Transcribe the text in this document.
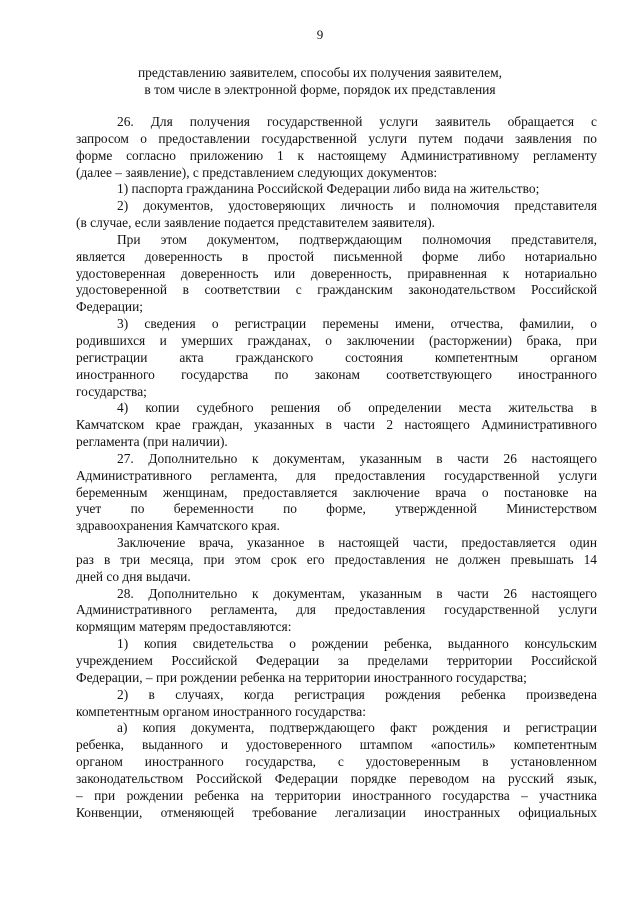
9
представлению заявителем, способы их получения заявителем,
в том числе в электронной форме, порядок их представления
26. Для получения государственной услуги заявитель обращается с
запросом о предоставлении государственной услуги путем подачи заявления по
форме согласно приложению 1 к настоящему Административному регламенту
(далее – заявление), с представлением следующих документов:
1) паспорта гражданина Российской Федерации либо вида на жительство;
2) документов, удостоверяющих личность и полномочия представителя
(в случае, если заявление подается представителем заявителя).
При этом документом, подтверждающим полномочия представителя,
является доверенность в простой письменной форме либо нотариально
удостоверенная доверенность или доверенность, приравненная к нотариально
удостоверенной в соответствии с гражданским законодательством Российской
Федерации;
3) сведения о регистрации перемены имени, отчества, фамилии, о
родившихся и умерших гражданах, о заключении (расторжении) брака, при
регистрации акта гражданского состояния компетентным органом
иностранного государства по законам соответствующего иностранного
государства;
4) копии судебного решения об определении места жительства в
Камчатском крае граждан, указанных в части 2 настоящего Административного
регламента (при наличии).
27. Дополнительно к документам, указанным в части 26 настоящего
Административного регламента, для предоставления государственной услуги
беременным женщинам, предоставляется заключение врача о постановке на
учет по беременности по форме, утвержденной Министерством
здравоохранения Камчатского края.
Заключение врача, указанное в настоящей части, предоставляется один
раз в три месяца, при этом срок его предоставления не должен превышать 14
дней со дня выдачи.
28. Дополнительно к документам, указанным в части 26 настоящего
Административного регламента, для предоставления государственной услуги
кормящим матерям предоставляются:
1) копия свидетельства о рождении ребенка, выданного консульским
учреждением Российской Федерации за пределами территории Российской
Федерации, – при рождении ребенка на территории иностранного государства;
2) в случаях, когда регистрация рождения ребенка произведена
компетентным органом иностранного государства:
а) копия документа, подтверждающего факт рождения и регистрации
ребенка, выданного и удостоверенного штампом «апостиль» компетентным
органом иностранного государства, с удостоверенным в установленном
законодательством Российской Федерации порядке переводом на русский язык,
– при рождении ребенка на территории иностранного государства – участника
Конвенции, отменяющей требование легализации иностранных официальных
